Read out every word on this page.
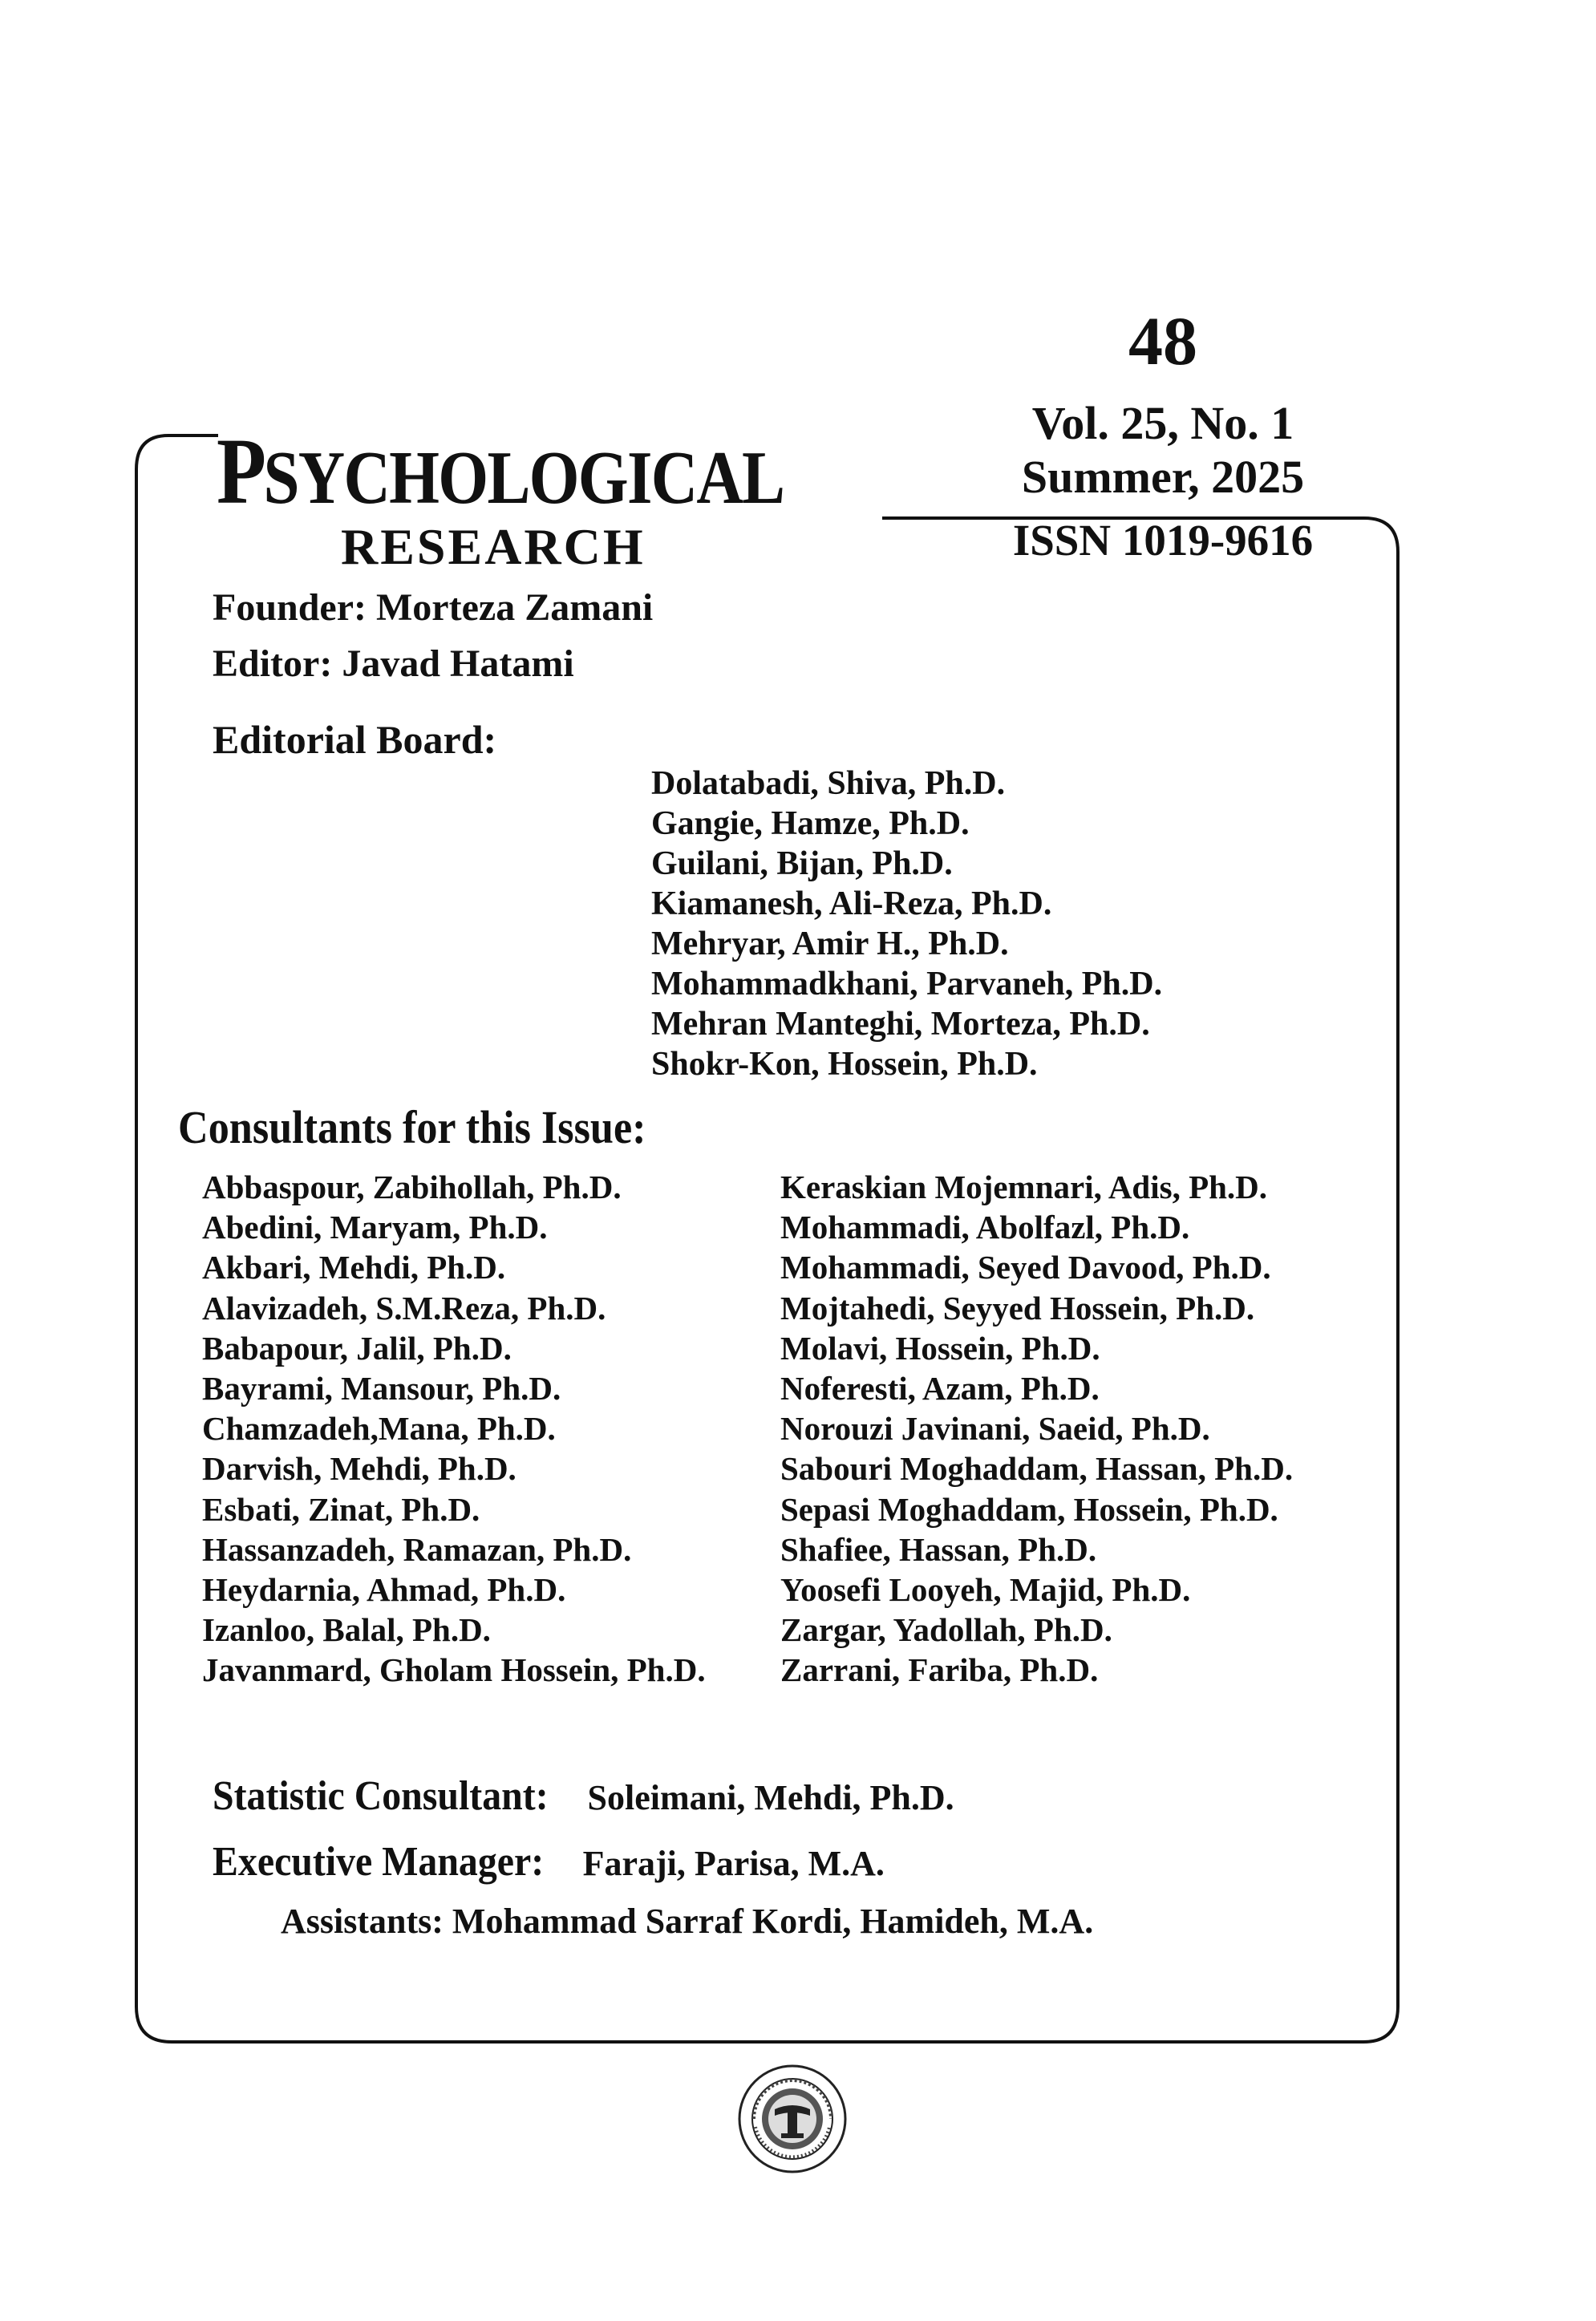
48
Vol. 25, No. 1
Summer, 2025
ISSN 1019-9616
PSYCHOLOGICAL
RESEARCH
Founder: Morteza Zamani
Editor: Javad Hatami
Editorial Board:
Dolatabadi, Shiva, Ph.D.
Gangie, Hamze, Ph.D.
Guilani, Bijan, Ph.D.
Kiamanesh, Ali-Reza, Ph.D.
Mehryar, Amir H., Ph.D.
Mohammadkhani, Parvaneh, Ph.D.
Mehran Manteghi, Morteza, Ph.D.
Shokr-Kon, Hossein, Ph.D.
Consultants for this Issue:
Abbaspour, Zabihollah, Ph.D.
Abedini, Maryam, Ph.D.
Akbari, Mehdi, Ph.D.
Alavizadeh, S.M.Reza, Ph.D.
Babapour, Jalil, Ph.D.
Bayrami, Mansour, Ph.D.
Chamzadeh,Mana, Ph.D.
Darvish, Mehdi, Ph.D.
Esbati, Zinat, Ph.D.
Hassanzadeh, Ramazan, Ph.D.
Heydarnia, Ahmad, Ph.D.
Izanloo, Balal, Ph.D.
Javanmard, Gholam Hossein, Ph.D.
Keraskian Mojemnari, Adis, Ph.D.
Mohammadi, Abolfazl, Ph.D.
Mohammadi, Seyed Davood, Ph.D.
Mojtahedi, Seyyed Hossein, Ph.D.
Molavi, Hossein, Ph.D.
Noferesti, Azam, Ph.D.
Norouzi Javinani, Saeid, Ph.D.
Sabouri Moghaddam, Hassan, Ph.D.
Sepasi Moghaddam, Hossein, Ph.D.
Shafiee, Hassan, Ph.D.
Yoosefi Looyeh, Majid, Ph.D.
Zargar, Yadollah, Ph.D.
Zarrani, Fariba, Ph.D.
Statistic Consultant: Soleimani, Mehdi, Ph.D.
Executive Manager: Faraji, Parisa, M.A.
Assistants: Mohammad Sarraf Kordi, Hamideh, M.A.
